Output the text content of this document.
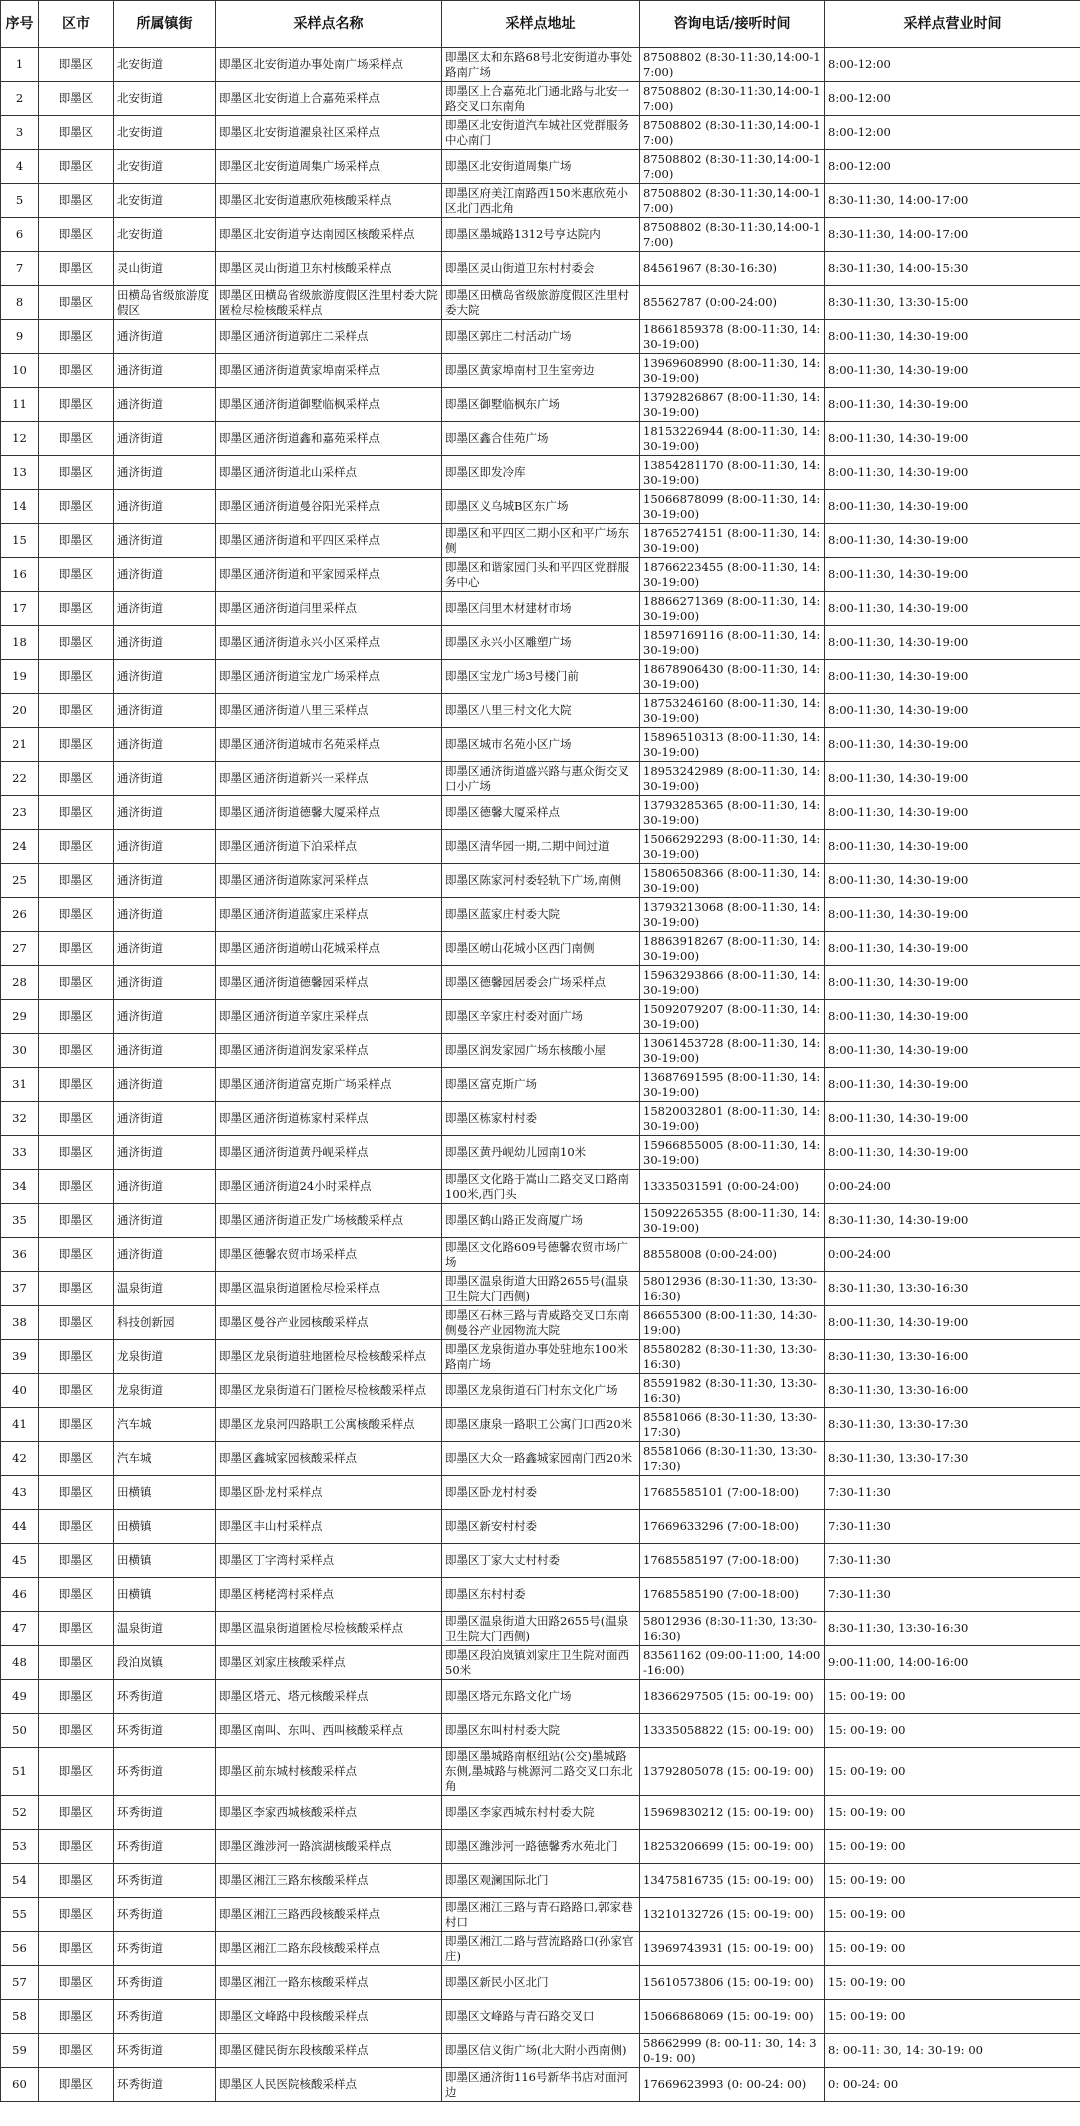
序号	区市	所属镇街	采样点名称	采样点地址	咨询电话/接听时间	采样点营业时间
1	即墨区	北安街道	即墨区北安街道办事处南广场采样点	即墨区太和东路68号北安街道办事处路南广场	87508802 (8:30-11:30,14:00-17:00)	8:00-12:00
2	即墨区	北安街道	即墨区北安街道上合嘉苑采样点	即墨区上合嘉苑北门通北路与北安一路交叉口东南角	87508802 (8:30-11:30,14:00-17:00)	8:00-12:00
3	即墨区	北安街道	即墨区北安街道濯泉社区采样点	即墨区北安街道汽车城社区党群服务中心南门	87508802 (8:30-11:30,14:00-17:00)	8:00-12:00
4	即墨区	北安街道	即墨区北安街道周集广场采样点	即墨区北安街道周集广场	87508802 (8:30-11:30,14:00-17:00)	8:00-12:00
5	即墨区	北安街道	即墨区北安街道惠欣苑核酸采样点	即墨区府美江南路西150米惠欣苑小区北门西北角	87508802 (8:30-11:30,14:00-17:00)	8:30-11:30, 14:00-17:00
6	即墨区	北安街道	即墨区北安街道亨达南园区核酸采样点	即墨区墨城路1312号亨达院内	87508802 (8:30-11:30,14:00-17:00)	8:30-11:30, 14:00-17:00
7	即墨区	灵山街道	即墨区灵山街道卫东村核酸采样点	即墨区灵山街道卫东村村委会	84561967 (8:30-16:30)	8:30-11:30, 14:00-15:30
8	即墨区	田横岛省级旅游度假区	即墨区田横岛省级旅游度假区泩里村委大院匿检尽检核酸采样点	即墨区田横岛省级旅游度假区泩里村委大院	85562787 (0:00-24:00)	8:30-11:30, 13:30-15:00
9	即墨区	通济街道	即墨区通济街道郭庄二采样点	即墨区郭庄二村活动广场	18661859378 (8:00-11:30, 14:30-19:00)	8:00-11:30, 14:30-19:00
10	即墨区	通济街道	即墨区通济街道黄家埠南采样点	即墨区黄家埠南村卫生室旁边	13969608990 (8:00-11:30, 14:30-19:00)	8:00-11:30, 14:30-19:00
11	即墨区	通济街道	即墨区通济街道御墅临枫采样点	即墨区御墅临枫东广场	13792826867 (8:00-11:30, 14:30-19:00)	8:00-11:30, 14:30-19:00
12	即墨区	通济街道	即墨区通济街道鑫和嘉苑采样点	即墨区鑫合佳苑广场	18153226944 (8:00-11:30, 14:30-19:00)	8:00-11:30, 14:30-19:00
13	即墨区	通济街道	即墨区通济街道北山采样点	即墨区即发冷库	13854281170 (8:00-11:30, 14:30-19:00)	8:00-11:30, 14:30-19:00
14	即墨区	通济街道	即墨区通济街道曼谷阳光采样点	即墨区义乌城B区东广场	15066878099 (8:00-11:30, 14:30-19:00)	8:00-11:30, 14:30-19:00
15	即墨区	通济街道	即墨区通济街道和平四区采样点	即墨区和平四区二期小区和平广场东侧	18765274151 (8:00-11:30, 14:30-19:00)	8:00-11:30, 14:30-19:00
16	即墨区	通济街道	即墨区通济街道和平家园采样点	即墨区和谐家园门头和平四区党群服务中心	18766223455 (8:00-11:30, 14:30-19:00)	8:00-11:30, 14:30-19:00
17	即墨区	通济街道	即墨区通济街道闫里采样点	即墨区闫里木材建材市场	18866271369 (8:00-11:30, 14:30-19:00)	8:00-11:30, 14:30-19:00
18	即墨区	通济街道	即墨区通济街道永兴小区采样点	即墨区永兴小区雕塑广场	18597169116 (8:00-11:30, 14:30-19:00)	8:00-11:30, 14:30-19:00
19	即墨区	通济街道	即墨区通济街道宝龙广场采样点	即墨区宝龙广场3号楼门前	18678906430 (8:00-11:30, 14:30-19:00)	8:00-11:30, 14:30-19:00
20	即墨区	通济街道	即墨区通济街道八里三采样点	即墨区八里三村文化大院	18753246160 (8:00-11:30, 14:30-19:00)	8:00-11:30, 14:30-19:00
21	即墨区	通济街道	即墨区通济街道城市名苑采样点	即墨区城市名苑小区广场	15896510313 (8:00-11:30, 14:30-19:00)	8:00-11:30, 14:30-19:00
22	即墨区	通济街道	即墨区通济街道新兴一采样点	即墨区通济街道盛兴路与惠众街交叉口小广场	18953242989 (8:00-11:30, 14:30-19:00)	8:00-11:30, 14:30-19:00
23	即墨区	通济街道	即墨区通济街道德馨大厦采样点	即墨区德馨大厦采样点	13793285365 (8:00-11:30, 14:30-19:00)	8:00-11:30, 14:30-19:00
24	即墨区	通济街道	即墨区通济街道下泊采样点	即墨区清华园一期,二期中间过道	15066292293 (8:00-11:30, 14:30-19:00)	8:00-11:30, 14:30-19:00
25	即墨区	通济街道	即墨区通济街道陈家河采样点	即墨区陈家河村委轻轨下广场,南侧	15806508366 (8:00-11:30, 14:30-19:00)	8:00-11:30, 14:30-19:00
26	即墨区	通济街道	即墨区通济街道蓝家庄采样点	即墨区蓝家庄村委大院	13793213068 (8:00-11:30, 14:30-19:00)	8:00-11:30, 14:30-19:00
27	即墨区	通济街道	即墨区通济街道崂山花城采样点	即墨区崂山花城小区西门南侧	18863918267 (8:00-11:30, 14:30-19:00)	8:00-11:30, 14:30-19:00
28	即墨区	通济街道	即墨区通济街道德馨园采样点	即墨区德馨园居委会广场采样点	15963293866 (8:00-11:30, 14:30-19:00)	8:00-11:30, 14:30-19:00
29	即墨区	通济街道	即墨区通济街道辛家庄采样点	即墨区辛家庄村委对面广场	15092079207 (8:00-11:30, 14:30-19:00)	8:00-11:30, 14:30-19:00
30	即墨区	通济街道	即墨区通济街道润发家采样点	即墨区润发家园广场东核酸小屋	13061453728 (8:00-11:30, 14:30-19:00)	8:00-11:30, 14:30-19:00
31	即墨区	通济街道	即墨区通济街道富克斯广场采样点	即墨区富克斯广场	13687691595 (8:00-11:30, 14:30-19:00)	8:00-11:30, 14:30-19:00
32	即墨区	通济街道	即墨区通济街道栋家村采样点	即墨区栋家村村委	15820032801 (8:00-11:30, 14:30-19:00)	8:00-11:30, 14:30-19:00
33	即墨区	通济街道	即墨区通济街道黄丹岘采样点	即墨区黄丹岘幼儿园南10米	15966855005 (8:00-11:30, 14:30-19:00)	8:00-11:30, 14:30-19:00
34	即墨区	通济街道	即墨区通济街道24小时采样点	即墨区文化路于嵩山二路交叉口路南100米,西门头	13335031591 (0:00-24:00)	0:00-24:00
35	即墨区	通济街道	即墨区通济街道正发广场核酸采样点	即墨区鹤山路正发商厦广场	15092265355 (8:00-11:30, 14:30-19:00)	8:30-11:30, 14:30-19:00
36	即墨区	通济街道	即墨区德馨农贸市场采样点	即墨区文化路609号德馨农贸市场广场	88558008 (0:00-24:00)	0:00-24:00
37	即墨区	温泉街道	即墨区温泉街道匿检尽检采样点	即墨区温泉街道大田路2655号(温泉卫生院大门西侧)	58012936 (8:30-11:30, 13:30-16:30)	8:30-11:30, 13:30-16:30
38	即墨区	科技创新园	即墨区曼谷产业园核酸采样点	即墨区石林三路与青威路交叉口东南侧曼谷产业园物流大院	86655300 (8:00-11:30, 14:30-19:00)	8:00-11:30, 14:30-19:00
39	即墨区	龙泉街道	即墨区龙泉街道驻地匿检尽检核酸采样点	即墨区龙泉街道办事处驻地东100米路南广场	85580282 (8:30-11:30, 13:30-16:30)	8:30-11:30, 13:30-16:00
40	即墨区	龙泉街道	即墨区龙泉街道石门匿检尽检核酸采样点	即墨区龙泉街道石门村东文化广场	85591982 (8:30-11:30, 13:30-16:30)	8:30-11:30, 13:30-16:00
41	即墨区	汽车城	即墨区龙泉河四路职工公寓核酸采样点	即墨区康泉一路职工公寓门口西20米	85581066 (8:30-11:30, 13:30-17:30)	8:30-11:30, 13:30-17:30
42	即墨区	汽车城	即墨区鑫城家园核酸采样点	即墨区大众一路鑫城家园南门西20米	85581066 (8:30-11:30, 13:30-17:30)	8:30-11:30, 13:30-17:30
43	即墨区	田横镇	即墨区卧龙村采样点	即墨区卧龙村村委	17685585101 (7:00-18:00)	7:30-11:30
44	即墨区	田横镇	即墨区丰山村采样点	即墨区新安村村委	17669633296 (7:00-18:00)	7:30-11:30
45	即墨区	田横镇	即墨区丁字湾村采样点	即墨区丁家大丈村村委	17685585197 (7:00-18:00)	7:30-11:30
46	即墨区	田横镇	即墨区栲栳湾村采样点	即墨区东村村委	17685585190 (7:00-18:00)	7:30-11:30
47	即墨区	温泉街道	即墨区温泉街道匿检尽检核酸采样点	即墨区温泉街道大田路2655号(温泉卫生院大门西侧)	58012936 (8:30-11:30, 13:30-16:30)	8:30-11:30, 13:30-16:30
48	即墨区	段泊岚镇	即墨区刘家庄核酸采样点	即墨区段泊岚镇刘家庄卫生院对面西50米	83561162 (09:00-11:00, 14:00-16:00)	9:00-11:00, 14:00-16:00
49	即墨区	环秀街道	即墨区塔元、塔元核酸采样点	即墨区塔元东路文化广场	18366297505 (15: 00-19: 00)	15: 00-19: 00
50	即墨区	环秀街道	即墨区南叫、东叫、西叫核酸采样点	即墨区东叫村村委大院	13335058822 (15: 00-19: 00)	15: 00-19: 00
51	即墨区	环秀街道	即墨区前东城村核酸采样点	即墨区墨城路南枢纽站(公交)墨城路东侧,墨城路与桃源河二路交叉口东北角	13792805078 (15: 00-19: 00)	15: 00-19: 00
52	即墨区	环秀街道	即墨区李家西城核酸采样点	即墨区李家西城东村村委大院	15969830212 (15: 00-19: 00)	15: 00-19: 00
53	即墨区	环秀街道	即墨区潍涉河一路滨湖核酸采样点	即墨区潍涉河一路德馨秀水苑北门	18253206699 (15: 00-19: 00)	15: 00-19: 00
54	即墨区	环秀街道	即墨区湘江三路东核酸采样点	即墨区观澜国际北门	13475816735 (15: 00-19: 00)	15: 00-19: 00
55	即墨区	环秀街道	即墨区湘江三路西段核酸采样点	即墨区湘江三路与青石路路口,郭家巷村口	13210132726 (15: 00-19: 00)	15: 00-19: 00
56	即墨区	环秀街道	即墨区湘江二路东段核酸采样点	即墨区湘江二路与营流路路口(孙家官庄)	13969743931 (15: 00-19: 00)	15: 00-19: 00
57	即墨区	环秀街道	即墨区湘江一路东核酸采样点	即墨区新民小区北门	15610573806 (15: 00-19: 00)	15: 00-19: 00
58	即墨区	环秀街道	即墨区文峰路中段核酸采样点	即墨区文峰路与青石路交叉口	15066868069 (15: 00-19: 00)	15: 00-19: 00
59	即墨区	环秀街道	即墨区健民街东段核酸采样点	即墨区信义街广场(北大附小西南侧)	58662999 (8: 00-11: 30, 14: 30-19: 00)	8: 00-11: 30, 14: 30-19: 00
60	即墨区	环秀街道	即墨区人民医院核酸采样点	即墨区通济街116号新华书店对面河边	17669623993 (0: 00-24: 00)	0: 00-24: 00
